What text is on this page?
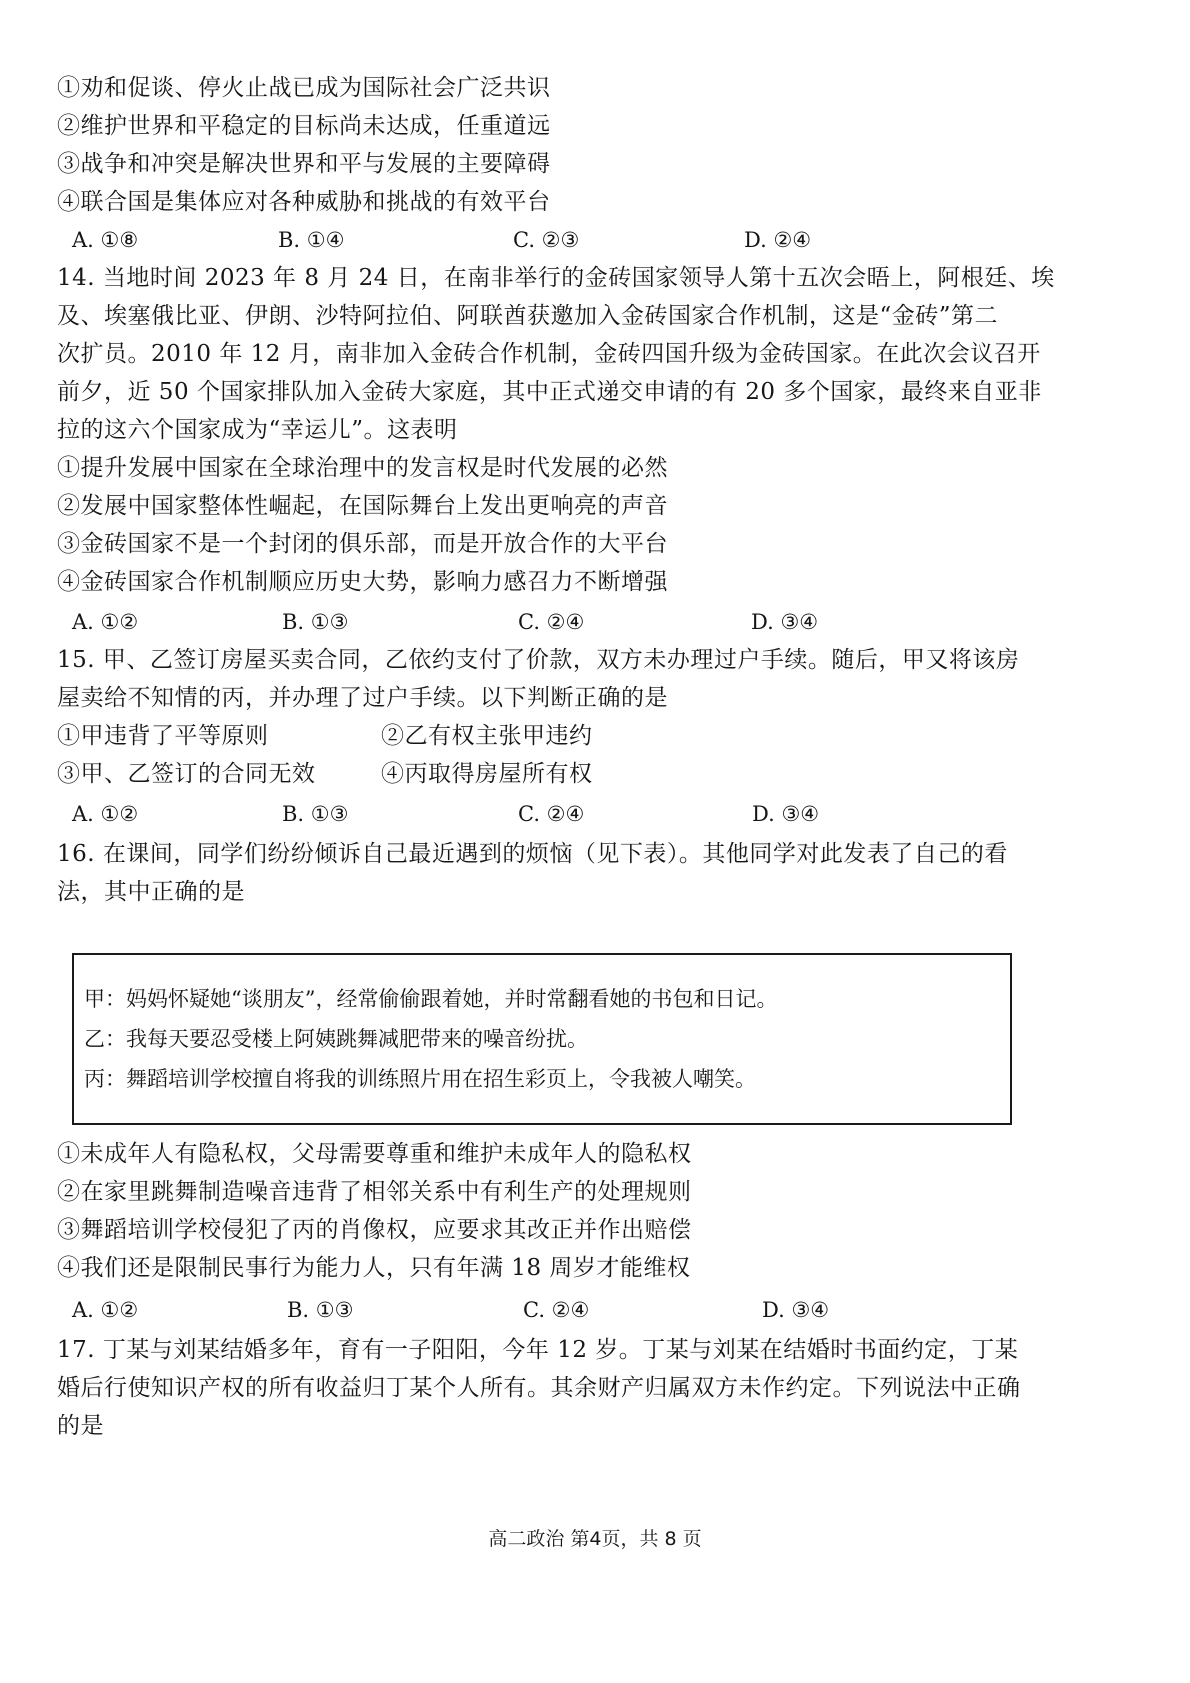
①劝和促谈、停火止战已成为国际社会广泛共识
②维护世界和平稳定的目标尚未达成，任重道远
③战争和冲突是解决世界和平与发展的主要障碍
④联合国是集体应对各种威胁和挑战的有效平台
A. ①⑧	B. ①④	C. ②③	D. ②④
14. 当地时间 2023 年 8 月 24 日，在南非举行的金砖国家领导人第十五次会晤上，阿根廷、埃
及、埃塞俄比亚、伊朗、沙特阿拉伯、阿联酋获邀加入金砖国家合作机制，这是“金砖”第二
次扩员。2010 年 12 月，南非加入金砖合作机制，金砖四国升级为金砖国家。在此次会议召开
前夕，近 50 个国家排队加入金砖大家庭，其中正式递交申请的有 20 多个国家，最终来自亚非
拉的这六个国家成为“幸运儿”。这表明
①提升发展中国家在全球治理中的发言权是时代发展的必然
②发展中国家整体性崛起，在国际舞台上发出更响亮的声音
③金砖国家不是一个封闭的俱乐部，而是开放合作的大平台
④金砖国家合作机制顺应历史大势，影响力感召力不断增强
A. ①②	B. ①③	C. ②④	D. ③④
15. 甲、乙签订房屋买卖合同，乙依约支付了价款，双方未办理过户手续。随后，甲又将该房
屋卖给不知情的丙，并办理了过户手续。以下判断正确的是
①甲违背了平等原则	②乙有权主张甲违约
③甲、乙签订的合同无效	④丙取得房屋所有权
A. ①②	B. ①③	C. ②④	D. ③④
16. 在课间，同学们纷纷倾诉自己最近遇到的烦恼（见下表）。其他同学对此发表了自己的看
法，其中正确的是
甲：妈妈怀疑她“谈朋友”，经常偷偷跟着她，并时常翻看她的书包和日记。
乙：我每天要忍受楼上阿姨跳舞减肥带来的噪音纷扰。
丙：舞蹈培训学校擅自将我的训练照片用在招生彩页上，令我被人嘲笑。
①未成年人有隐私权，父母需要尊重和维护未成年人的隐私权
②在家里跳舞制造噪音违背了相邻关系中有利生产的处理规则
③舞蹈培训学校侵犯了丙的肖像权，应要求其改正并作出赔偿
④我们还是限制民事行为能力人，只有年满 18 周岁才能维权
A. ①②	B. ①③	C. ②④	D. ③④
17. 丁某与刘某结婚多年，育有一子阳阳，今年 12 岁。丁某与刘某在结婚时书面约定，丁某
婚后行使知识产权的所有收益归丁某个人所有。其余财产归属双方未作约定。下列说法中正确
的是
高二政治 第4页，共 8 页
